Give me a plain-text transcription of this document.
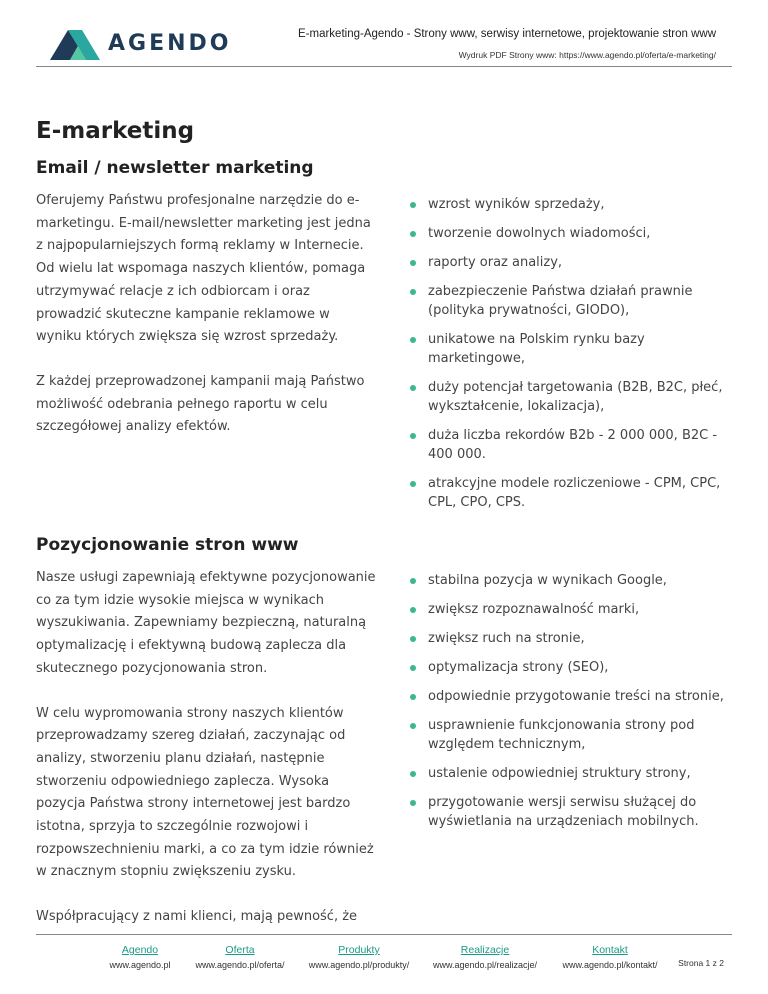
AGENDO	E-marketing-Agendo - Strony www, serwisy internetowe, projektowanie stron www
Wydruk PDF Strony www: https://www.agendo.pl/oferta/e-marketing/
E-marketing
Email / newsletter marketing

Oferujemy Państwu profesjonalne narzędzie do e-marketingu. E-mail/newsletter marketing jest jedna z najpopularniejszych formą reklamy w Internecie. Od wielu lat wspomaga naszych klientów, pomaga utrzymywać relacje z ich odbiorcam i oraz prowadzić skuteczne kampanie reklamowe w wyniku których zwiększa się wzrost sprzedaży.

Z każdej przeprowadzonej kampanii mają Państwo możliwość odebrania pełnego raportu w celu szczegółowej analizy efektów.

wzrost wyników sprzedaży,
tworzenie dowolnych wiadomości,
raporty oraz analizy,
zabezpieczenie Państwa działań prawnie (polityka prywatności, GIODO),
unikatowe na Polskim rynku bazy marketingowe,
duży potencjał targetowania (B2B, B2C, płeć, wykształcenie, lokalizacja),
duża liczba rekordów B2b - 2 000 000, B2C - 400 000.
atrakcyjne modele rozliczeniowe - CPM, CPC, CPL, CPO, CPS.
Pozycjonowanie stron www

Nasze usługi zapewniają efektywne pozycjonowanie co za tym idzie wysokie miejsca w wynikach wyszukiwania. Zapewniamy bezpieczną, naturalną optymalizację i efektywną budową zaplecza dla skutecznego pozycjonowania stron.

W celu wypromowania strony naszych klientów przeprowadzamy szereg działań, zaczynając od analizy, stworzeniu planu działań, następnie stworzeniu odpowiedniego zaplecza. Wysoka pozycja Państwa strony internetowej jest bardzo istotna, sprzyja to szczególnie rozwojowi i rozpowszechnieniu marki, a co za tym idzie również w znacznym stopniu zwiększeniu zysku.

Współpracujący z nami klienci, mają pewność, że

stabilna pozycja w wynikach Google,
zwiększ rozpoznawalność marki,
zwiększ ruch na stronie,
optymalizacja strony (SEO),
odpowiednie przygotowanie treści na stronie,
usprawnienie funkcjonowania strony pod względem technicznym,
ustalenie odpowiedniej struktury strony,
przygotowanie wersji serwisu służącej do wyświetlania na urządzeniach mobilnych.
Agendo
www.agendo.pl
Oferta
www.agendo.pl/oferta/
Produkty
www.agendo.pl/produkty/
Realizacje
www.agendo.pl/realizacje/
Kontakt
www.agendo.pl/kontakt/	Strona 1 z 2
